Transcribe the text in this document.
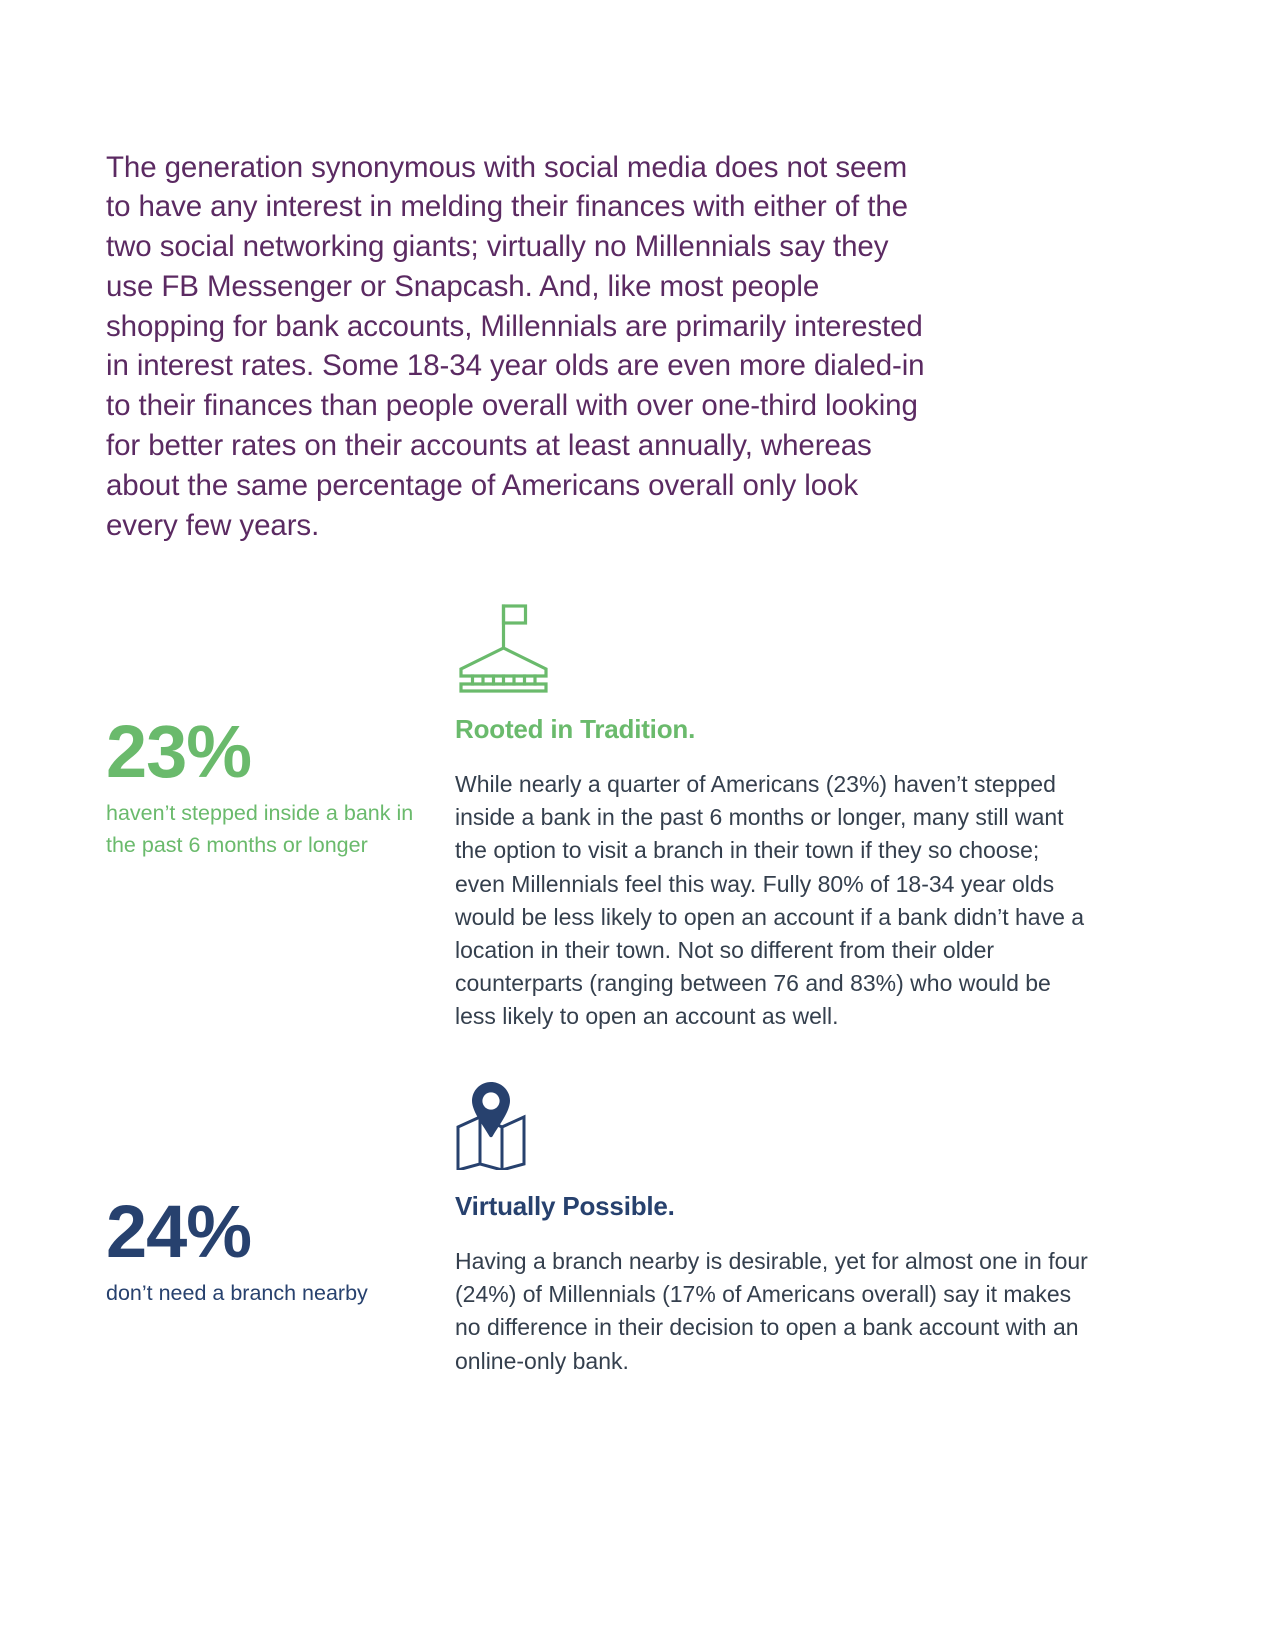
The generation synonymous with social media does not seem to have any interest in melding their finances with either of the two social networking giants; virtually no Millennials say they use FB Messenger or Snapcash. And, like most people shopping for bank accounts, Millennials are primarily interested in interest rates. Some 18-34 year olds are even more dialed-in to their finances than people overall with over one-third looking for better rates on their accounts at least annually, whereas about the same percentage of Americans overall only look every few years.

23%
haven’t stepped inside a bank in the past 6 months or longer
24%
don’t need a branch nearby
Rooted in Tradition.

While nearly a quarter of Americans (23%) haven’t stepped inside a bank in the past 6 months or longer, many still want the option to visit a branch in their town if they so choose; even Millennials feel this way. Fully 80% of 18-34 year olds would be less likely to open an account if a bank didn’t have a location in their town. Not so different from their older counterparts (ranging between 76 and 83%) who would be less likely to open an account as well.

Virtually Possible.

Having a branch nearby is desirable, yet for almost one in four (24%) of Millennials (17% of Americans overall) say it makes no difference in their decision to open a bank account with an online-only bank.
